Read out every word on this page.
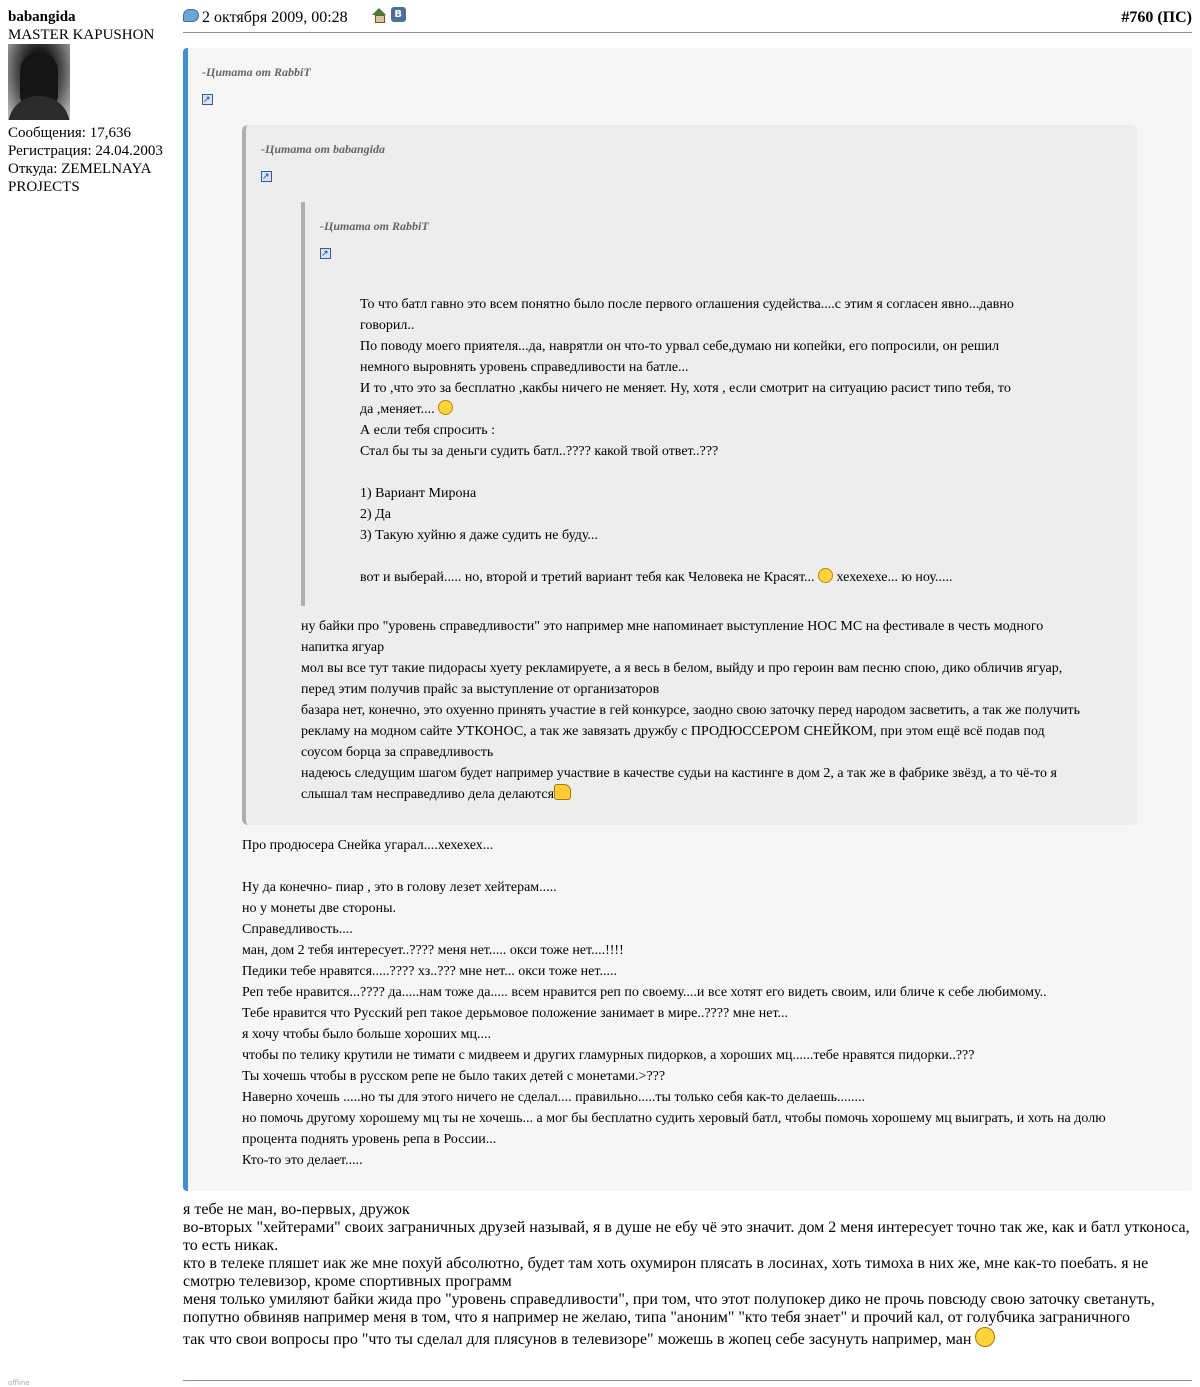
babangida
MASTER KAPUSHON
Сообщения: 17,636
Регистрация: 24.04.2003
Откуда: ZEMELNAYA
PROJECTS
offline
2 октября 2009, 00:28	В	#760 (ПС)
-Цитата от RabbiT
↗
-Цитата от babangida
↗
-Цитата от RabbiT
↗

То что батл гавно это всем понятно было после первого оглашения судейства....с этим я согласен явно...давно

говорил..

По поводу моего приятеля...да, наврятли он что-то урвал себе,думаю ни копейки, его попросили, он решил

немного выровнять уровень справедливости на батле...

И то ,что это за бесплатно ,какбы ничего не меняет. Ну, хотя , если смотрит на ситуацию расист типо тебя, то

да ,меняет....

А если тебя спросить :

Стал бы ты за деньги судить батл..???? какой твой ответ..???

1) Вариант Мирона

2) Да

3) Такую хуйню я даже судить не буду...

вот и выберай..... но, второй и третий вариант тебя как Человека не Красят... хехехехе... ю ноу.....

ну байки про "уровень справедливости" это например мне напоминает выступление НОС МС на фестивале в честь модного

напитка ягуар

мол вы все тут такие пидорасы хуету рекламируете, а я весь в белом, выйду и про героин вам песню спою, дико обличив ягуар,

перед этим получив прайс за выступление от организаторов

базара нет, конечно, это охуенно принять участие в гей конкурсе, заодно свою заточку перед народом засветить, а так же получить

рекламу на модном сайте УТКОНОС, а так же завязать дружбу с ПРОДЮССЕРОМ СНЕЙКОМ, при этом ещё всё подав под

соусом борца за справедливость

надеюсь следущим шагом будет например участвие в качестве судьи на кастинге в дом 2, а так же в фабрике звёзд, а то чё-то я

слышал там несправедливо дела делаются

Про продюсера Снейка угарал....хехехех...

Ну да конечно- пиар , это в голову лезет хейтерам.....

но у монеты две стороны.

Справедливость....

ман, дом 2 тебя интересует..???? меня нет..... окси тоже нет....!!!!

Педики тебе нравятся.....???? хз..??? мне нет... окси тоже нет.....

Реп тебе нравится...???? да.....нам тоже да..... всем нравится реп по своему....и все хотят его видеть своим, или бличе к себе любимому..

Тебе нравится что Русский реп такое дерьмовое положение занимает в мире..???? мне нет...

я хочу чтобы было больше хороших мц....

чтобы по телику крутили не тимати с мидвеем и других гламурных пидорков, а хороших мц......тебе нравятся пидорки..???

Ты хочешь чтобы в русском репе не было таких детей с монетами.>???

Наверно хочешь .....но ты для этого ничего не сделал.... правильно.....ты только себя как-то делаешь........

но помочь другому хорошему мц ты не хочешь... а мог бы бесплатно судить херовый батл, чтобы помочь хорошему мц выиграть, и хоть на долю

процента поднять уровень репа в России...

Кто-то это делает.....

я тебе не ман, во-первых, дружок

во-вторых "хейтерами" своих заграничных друзей называй, я в душе не ебу чё это значит. дом 2 меня интересует точно так же, как и батл утконоса,

то есть никак.

кто в телеке пляшет иак же мне похуй абсолютно, будет там хоть охумирон плясать в лосинах, хоть тимоха в них же, мне как-то поебать. я не

смотрю телевизор, кроме спортивных программ

меня только умиляют байки жида про "уровень справедливости", при том, что этот полупокер дико не прочь повсюду свою заточку светануть,

попутно обвиняв например меня в том, что я например не желаю, типа "аноним" "кто тебя знает" и прочий кал, от голубчика заграничного

так что свои вопросы про "что ты сделал для плясунов в телевизоре" можешь в жопец себе засунуть например, ман
